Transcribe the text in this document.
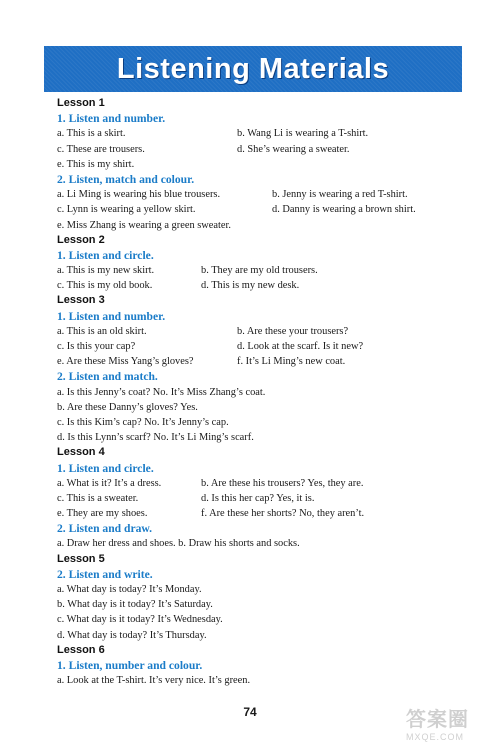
Listening Materials
Lesson 1
1. Listen and number.
a. This is a skirt.	b. Wang Li is wearing a T-shirt.
c. These are trousers.	d. She’s wearing a sweater.
e. This is my shirt.
2. Listen, match and colour.
a. Li Ming is wearing his blue trousers.	b. Jenny is wearing a red T-shirt.
c. Lynn is wearing a yellow skirt.	d. Danny is wearing a brown shirt.
e. Miss Zhang is wearing a green sweater.
Lesson 2
1. Listen and circle.
a. This is my new skirt.	b. They are my old trousers.
c. This is my old book.	d. This is my new desk.
Lesson 3
1. Listen and number.
a. This is an old skirt.	b. Are these your trousers?
c. Is this your cap?	d. Look at the scarf. Is it new?
e. Are these Miss Yang’s gloves?	f. It’s Li Ming’s new coat.
2. Listen and match.
a. Is this Jenny’s coat? No. It’s Miss Zhang’s coat.
b. Are these Danny’s gloves? Yes.
c. Is this Kim’s cap? No. It’s Jenny’s cap.
d. Is this Lynn’s scarf? No. It’s Li Ming’s scarf.
Lesson 4
1. Listen and circle.
a. What is it? It’s a dress.	b. Are these his trousers? Yes, they are.
c. This is a sweater.	d. Is this her cap? Yes, it is.
e. They are my shoes.	f. Are these her shorts? No, they aren’t.
2. Listen and draw.
a. Draw her dress and shoes. b. Draw his shorts and socks.
Lesson 5
2. Listen and write.
a. What day is today? It’s Monday.
b. What day is it today? It’s Saturday.
c. What day is it today? It’s Wednesday.
d. What day is today? It’s Thursday.
Lesson 6
1. Listen, number and colour.
a. Look at the T-shirt. It’s very nice. It’s green.
74	答案圈
MXQE.COM
